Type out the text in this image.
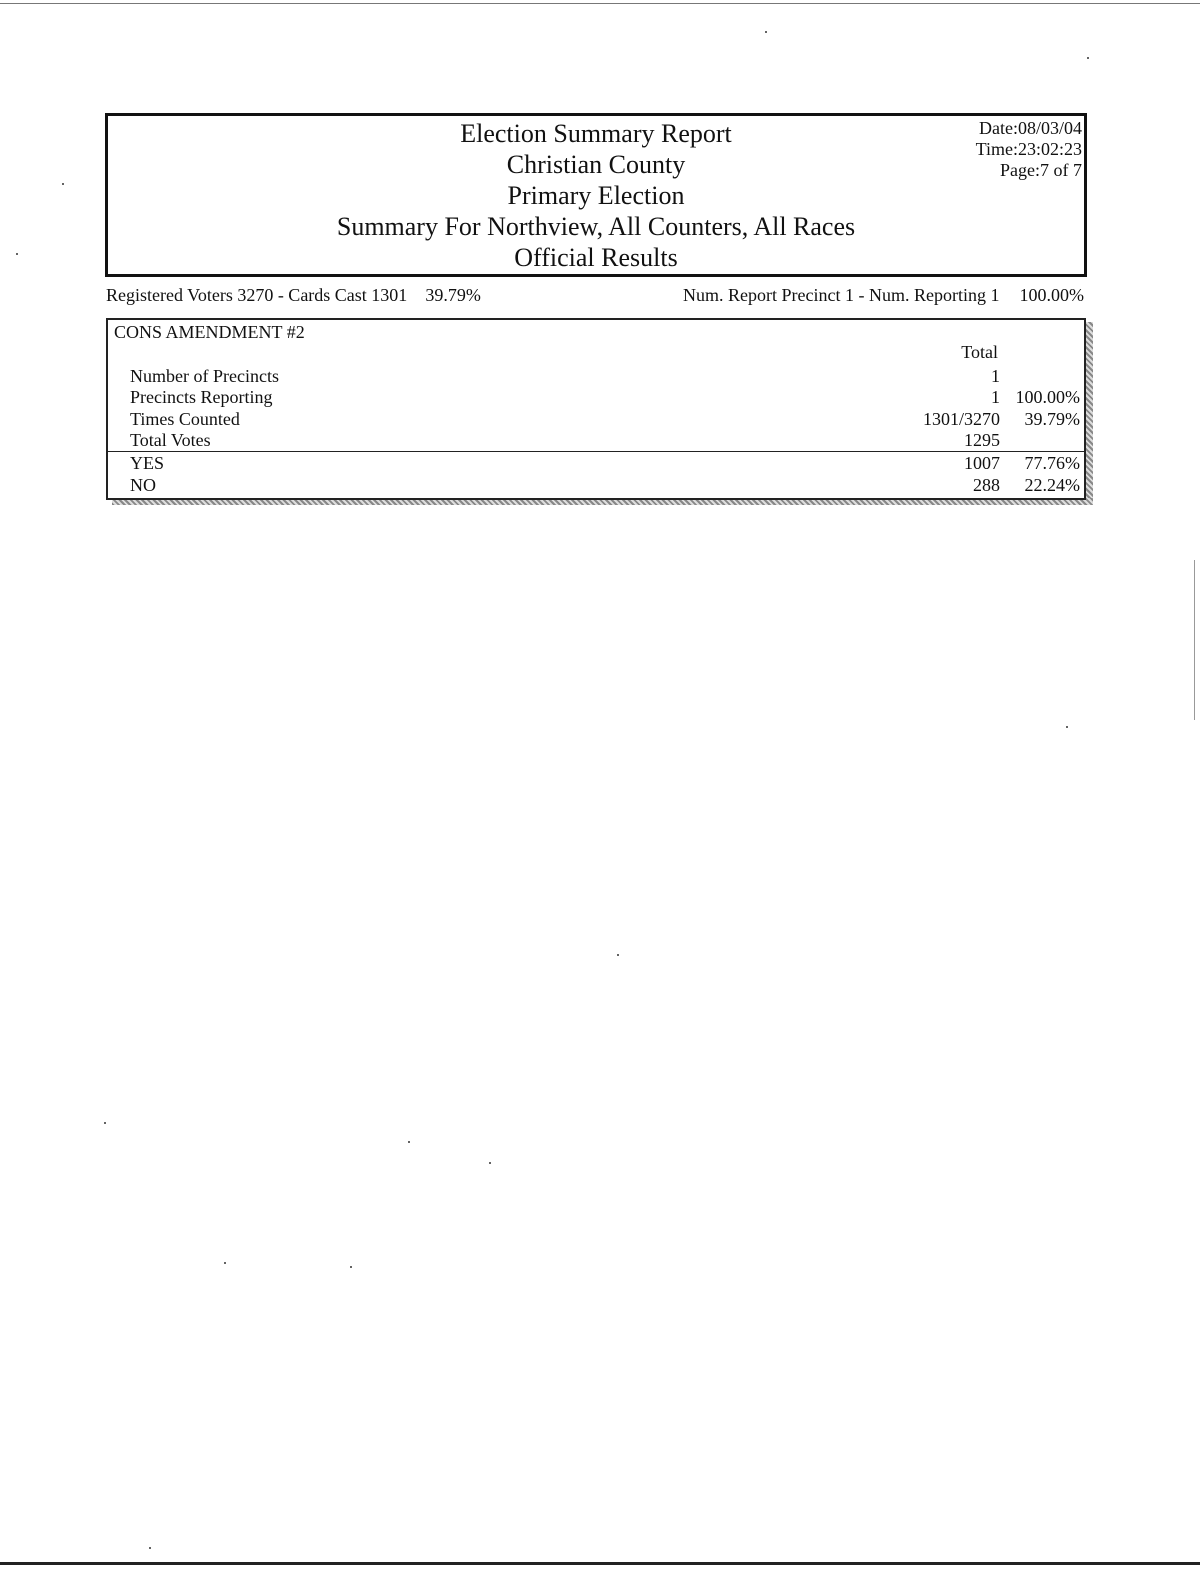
Election Summary Report
Christian County
Primary Election
Summary For Northview, All Counters, All Races
Official Results
Date:08/03/04
Time:23:02:23
Page:7 of 7
Registered Voters 3270 - Cards Cast 1301 39.79%	Num. Report Precinct 1 - Num. Reporting 1 100.00%
CONS AMENDMENT #2
Total
Number of Precincts	1
Precincts Reporting	1 100.00%
Times Counted	1301/3270 39.79%
Total Votes	1295
YES	1007 77.76%
NO	288 22.24%
